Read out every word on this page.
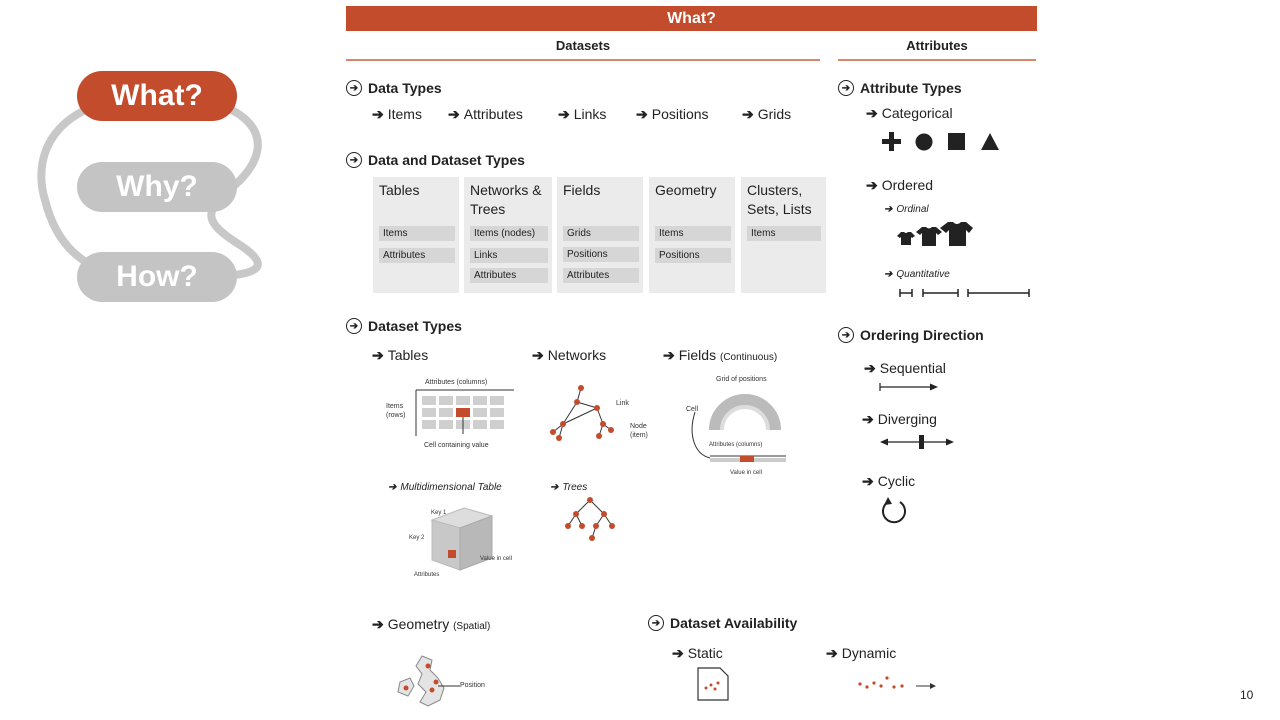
What?
Why?
How?
What?
Datasets	Attributes
➔ Data Types
➔ Items ➔ Attributes	➔ Links ➔ Positions ➔ Grids
➔ Data and Dataset Types
Tables
Items
Attributes
Networks & Trees
Items (nodes)
Links
Attributes
Fields
Grids
Positions
Attributes
Geometry
Items
Positions
Clusters, Sets, Lists
Items
➔ Dataset Types
➔ Tables	➔ Networks	➔ Fields (Continuous)
Attributes (columns)
Items (rows)
Cell containing value
Link
Node (item)
Grid of positions
Cell
Attributes (columns)
Value in cell
➔ Multidimensional Table	➔ Trees
Key 1
Key 2
Attributes
Value in cell
➔ Geometry (Spatial)
Position
➔ Dataset Availability
➔ Static	➔ Dynamic
➔ Attribute Types
➔ Categorical
➔ Ordered
➔ Ordinal
➔ Quantitative
➔ Ordering Direction
➔ Sequential
➔ Diverging
➔ Cyclic
10
